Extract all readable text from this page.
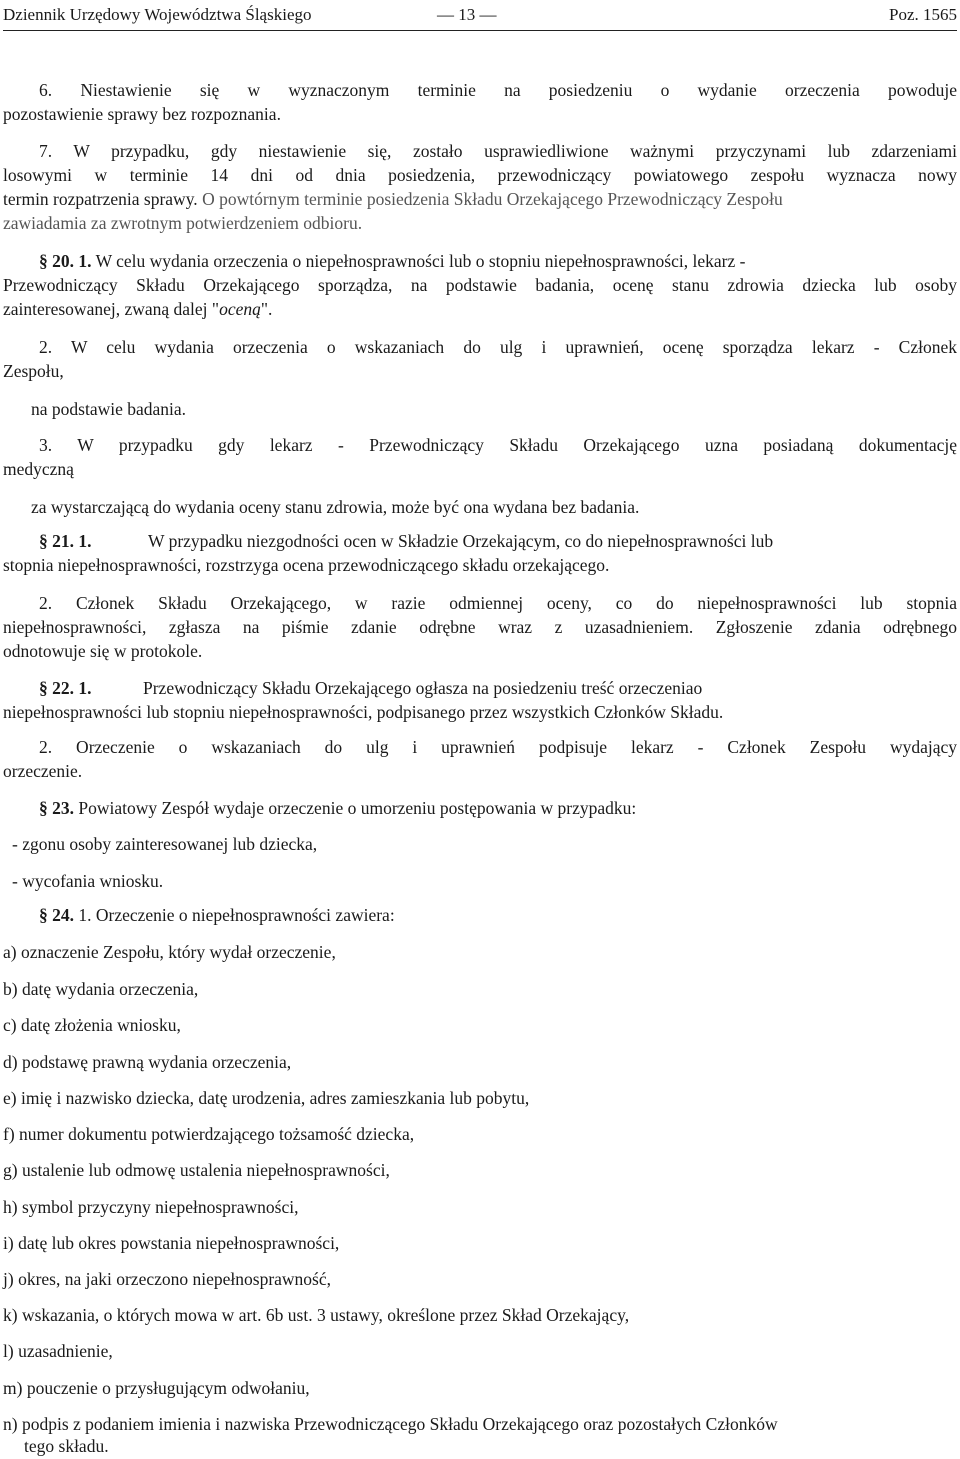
Dziennik Urzędowy Województwa Śląskiego	— 13 —	Poz. 1565
6. Niestawienie się w wyznaczonym terminie na posiedzeniu o wydanie orzeczenia powoduje
pozostawienie sprawy bez rozpoznania.
7. W przypadku, gdy niestawienie się, zostało usprawiedliwione ważnymi przyczynami lub zdarzeniami
losowymi w terminie 14 dni od dnia posiedzenia, przewodniczący powiatowego zespołu wyznacza nowy
termin rozpatrzenia sprawy. O powtórnym terminie posiedzenia Składu Orzekającego Przewodniczący Zespołu
zawiadamia za zwrotnym potwierdzeniem odbioru.
§ 20. 1. W celu wydania orzeczenia o niepełnosprawności lub o stopniu niepełnosprawności, lekarz -
Przewodniczący Składu Orzekającego sporządza, na podstawie badania, ocenę stanu zdrowia dziecka lub osoby
zainteresowanej, zwaną dalej "oceną".
2. W celu wydania orzeczenia o wskazaniach do ulg i uprawnień, ocenę sporządza lekarz - Członek
Zespołu,
na podstawie badania.
3. W przypadku gdy lekarz - Przewodniczący Składu Orzekającego uzna posiadaną dokumentację
medyczną
za wystarczającą do wydania oceny stanu zdrowia, może być ona wydana bez badania.
§ 21. 1.	W przypadku niezgodności ocen w Składzie Orzekającym, co do niepełnosprawności lub
stopnia niepełnosprawności, rozstrzyga ocena przewodniczącego składu orzekającego.
2. Członek Składu Orzekającego, w razie odmiennej oceny, co do niepełnosprawności lub stopnia
niepełnosprawności, zgłasza na piśmie zdanie odrębne wraz z uzasadnieniem. Zgłoszenie zdania odrębnego
odnotowuje się w protokole.
§ 22. 1.	Przewodniczący Składu Orzekającego ogłasza na posiedzeniu treść orzeczeniao
niepełnosprawności lub stopniu niepełnosprawności, podpisanego przez wszystkich Członków Składu.
2. Orzeczenie o wskazaniach do ulg i uprawnień podpisuje lekarz - Członek Zespołu wydający
orzeczenie.
§ 23. Powiatowy Zespół wydaje orzeczenie o umorzeniu postępowania w przypadku:
- zgonu osoby zainteresowanej lub dziecka,
- wycofania wniosku.
§ 24. 1. Orzeczenie o niepełnosprawności zawiera:
a) oznaczenie Zespołu, który wydał orzeczenie,
b) datę wydania orzeczenia,
c) datę złożenia wniosku,
d) podstawę prawną wydania orzeczenia,
e) imię i nazwisko dziecka, datę urodzenia, adres zamieszkania lub pobytu,
f) numer dokumentu potwierdzającego tożsamość dziecka,
g) ustalenie lub odmowę ustalenia niepełnosprawności,
h) symbol przyczyny niepełnosprawności,
i) datę lub okres powstania niepełnosprawności,
j) okres, na jaki orzeczono niepełnosprawność,
k) wskazania, o których mowa w art. 6b ust. 3 ustawy, określone przez Skład Orzekający,
l) uzasadnienie,
m) pouczenie o przysługującym odwołaniu,
n) podpis z podaniem imienia i nazwiska Przewodniczącego Składu Orzekającego oraz pozostałych Członków
tego składu.
